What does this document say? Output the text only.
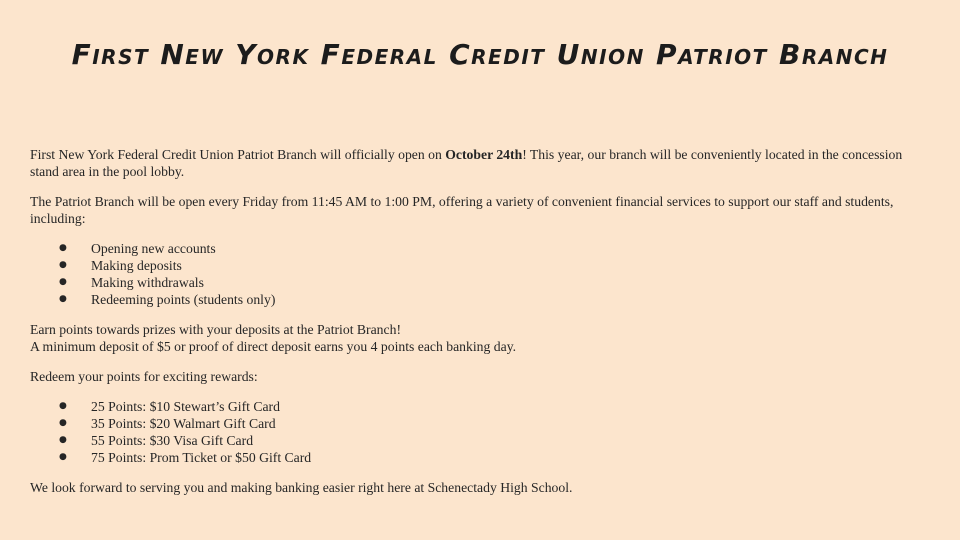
First New York Federal Credit Union Patriot Branch

First New York Federal Credit Union Patriot Branch will officially open on October 24th! This year, our branch will be conveniently located in the concession stand area in the pool lobby.

The Patriot Branch will be open every Friday from 11:45 AM to 1:00 PM, offering a variety of convenient financial services to support our staff and students, including:

● Opening new accounts
● Making deposits
● Making withdrawals
● Redeeming points (students only)

Earn points towards prizes with your deposits at the Patriot Branch!
A minimum deposit of $5 or proof of direct deposit earns you 4 points each banking day.

Redeem your points for exciting rewards:

● 25 Points: $10 Stewart’s Gift Card
● 35 Points: $20 Walmart Gift Card
● 55 Points: $30 Visa Gift Card
● 75 Points: Prom Ticket or $50 Gift Card

We look forward to serving you and making banking easier right here at Schenectady High School.
